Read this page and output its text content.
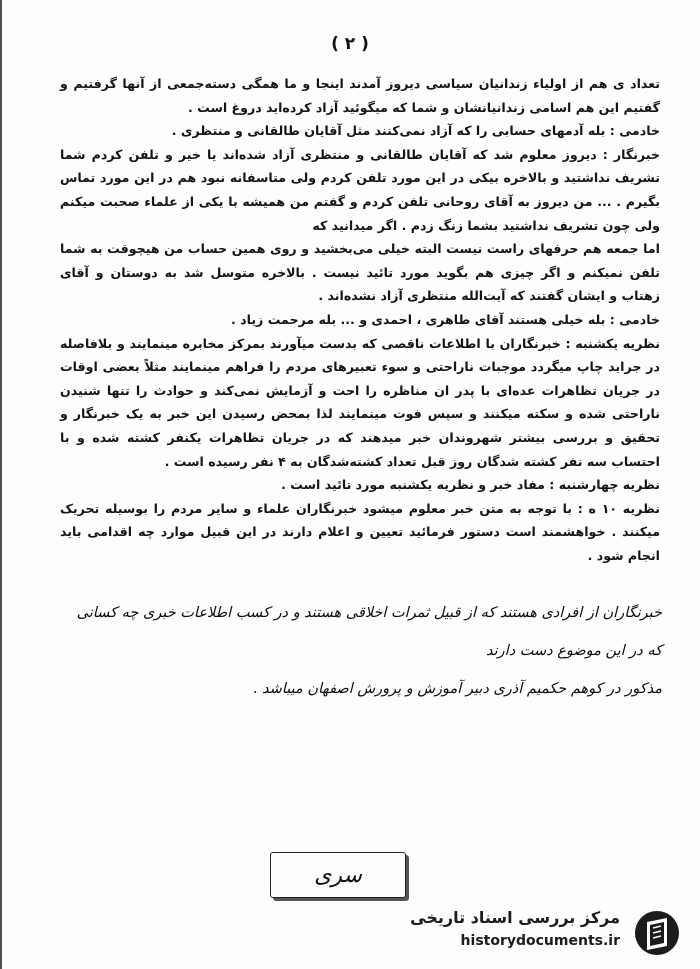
( ۲ )

تعداد ی هم از اولیاء زندانیان سیاسی دیروز آمدند اینجا و ما همگی دسته‌جمعی از آنها گرفتیم و گفتیم این هم اسامی زندانیانشان و شما که میگوئید آزاد کرده‌اید دروغ است .

خادمی : بله آدمهای حسابی را که آزاد نمی‌کنند مثل آقایان طالقانی و منتظری .

خبرنگار : دیروز معلوم شد که آقایان طالقانی و منتظری آزاد شده‌اند یا خیر و تلفن کردم شما تشریف نداشتید و بالاخره بیکی در این مورد تلفن کردم ولی متاسفانه نبود هم در این مورد تماس بگیرم . ... من دیروز به آقای روحانی تلفن کردم و گفتم من همیشه با یکی از علماء صحبت میکنم ولی چون تشریف نداشتید بشما زنگ زدم . اگر میدانید که

اما جمعه هم حرفهای راست نیست البته خیلی می‌بخشید و روی همین حساب من هیچوقت به شما تلفن نمیکنم و اگر چیزی هم بگوید مورد تائید نیست . بالاخره متوسل شد به دوستان و آقای زهتاب و ایشان گفتند که آیت‌الله منتظری آزاد نشده‌اند .

خادمی : بله خیلی هستند آقای طاهری ، احمدی و ... بله مرحمت زیاد .

نظریه یکشنبه : خبرنگاران با اطلاعات ناقصی که بدست میآورند بمرکز مخابره مینمایند و بلافاصله در جراید چاپ میگردد موجبات ناراحتی و سوء تعبیرهای مردم را فراهم مینمایند مثلاً بعضی اوقات در جریان تظاهرات عده‌ای با پدر ان مناظره را احت و آزمایش نمی‌کند و حوادث را تنها شنیدن ناراحتی شده و سکته میکنند و سپس فوت مینمایند لذا بمحض رسیدن این خبر به یک خبرنگار و تحقیق و بررسی بیشتر شهروندان خبر میدهند که در جریان تظاهرات یکنفر کشته شده و با احتساب سه نفر کشته شدگان روز قبل تعداد کشته‌شدگان به ۴ نفر رسیده است .

نظریه چهارشنبه : مفاد خبر و نظریه یکشنبه مورد تائید است .

نظریه ۱۰ ه : با توجه به متن خبر معلوم میشود خبرنگاران علماء و سایر مردم را بوسیله تحریک میکنند . خواهشمند است دستور فرمائید تعیین و اعلام دارند در این قبیل موارد چه اقدامی باید انجام شود .

خبرنگاران از افرادی هستند که از قبیل ثمرات اخلاقی هستند و در کسب اطلاعات خبری چه کسانی که در این موضوع دست دارند

مذکور در کوهم حکمیم آذری دبیر آموزش و پرورش اصفهان میباشد .

سری
مرکز بررسی اسناد تاریخی
historydocuments.ir
